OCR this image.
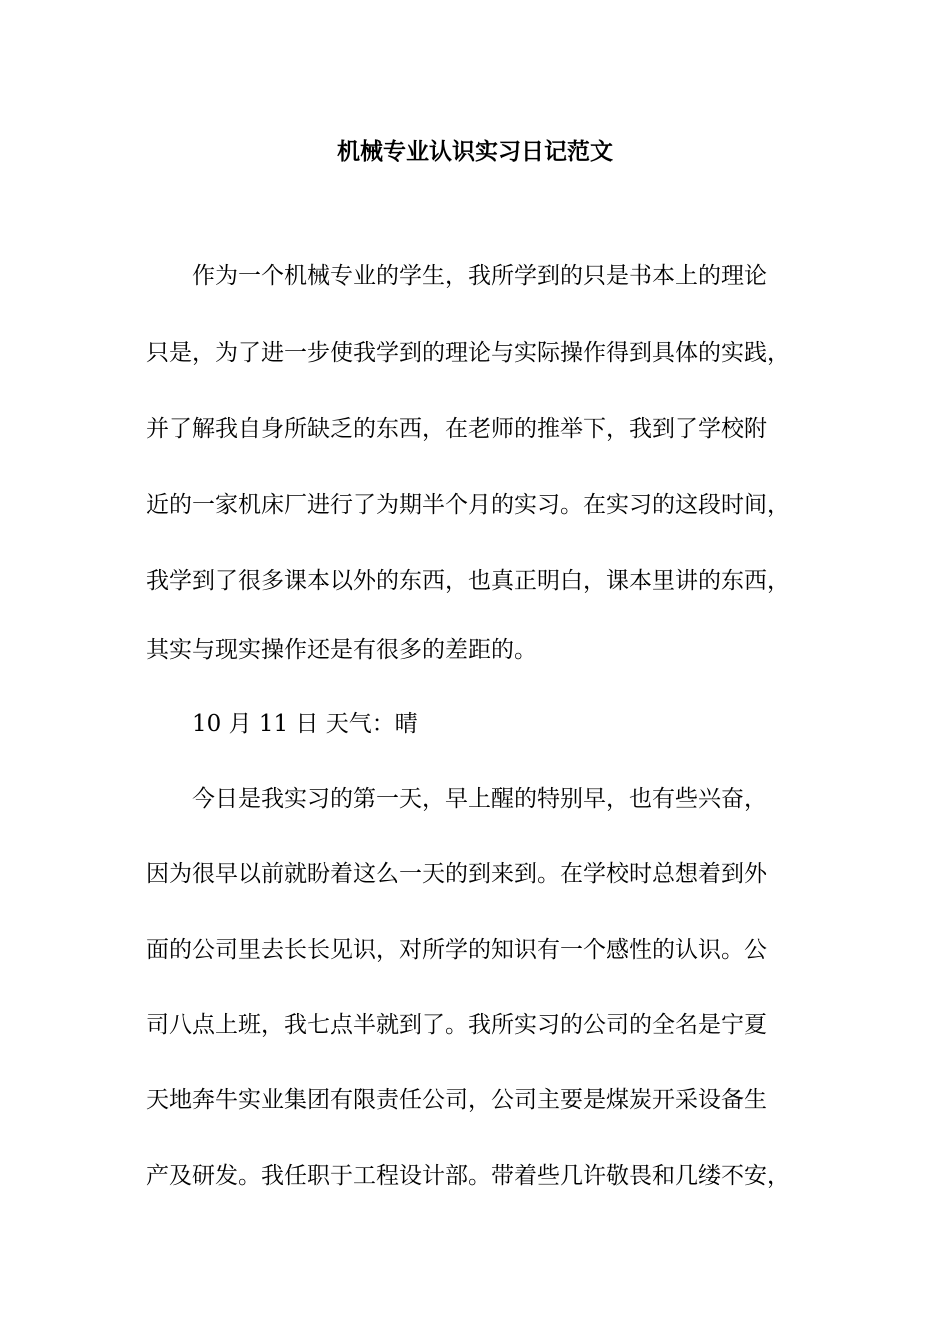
机械专业认识实习日记范文
作为一个机械专业的学生，我所学到的只是书本上的理论
只是，为了进一步使我学到的理论与实际操作得到具体的实践，
并了解我自身所缺乏的东西，在老师的推举下，我到了学校附
近的一家机床厂进行了为期半个月的实习。在实习的这段时间，
我学到了很多课本以外的东西，也真正明白，课本里讲的东西，
其实与现实操作还是有很多的差距的。
10 月 11 日 天气：晴
今日是我实习的第一天，早上醒的特别早，也有些兴奋，
因为很早以前就盼着这么一天的到来到。在学校时总想着到外
面的公司里去长长见识，对所学的知识有一个感性的认识。公
司八点上班，我七点半就到了。我所实习的公司的全名是宁夏
天地奔牛实业集团有限责任公司，公司主要是煤炭开采设备生
产及研发。我任职于工程设计部。带着些几许敬畏和几缕不安，
